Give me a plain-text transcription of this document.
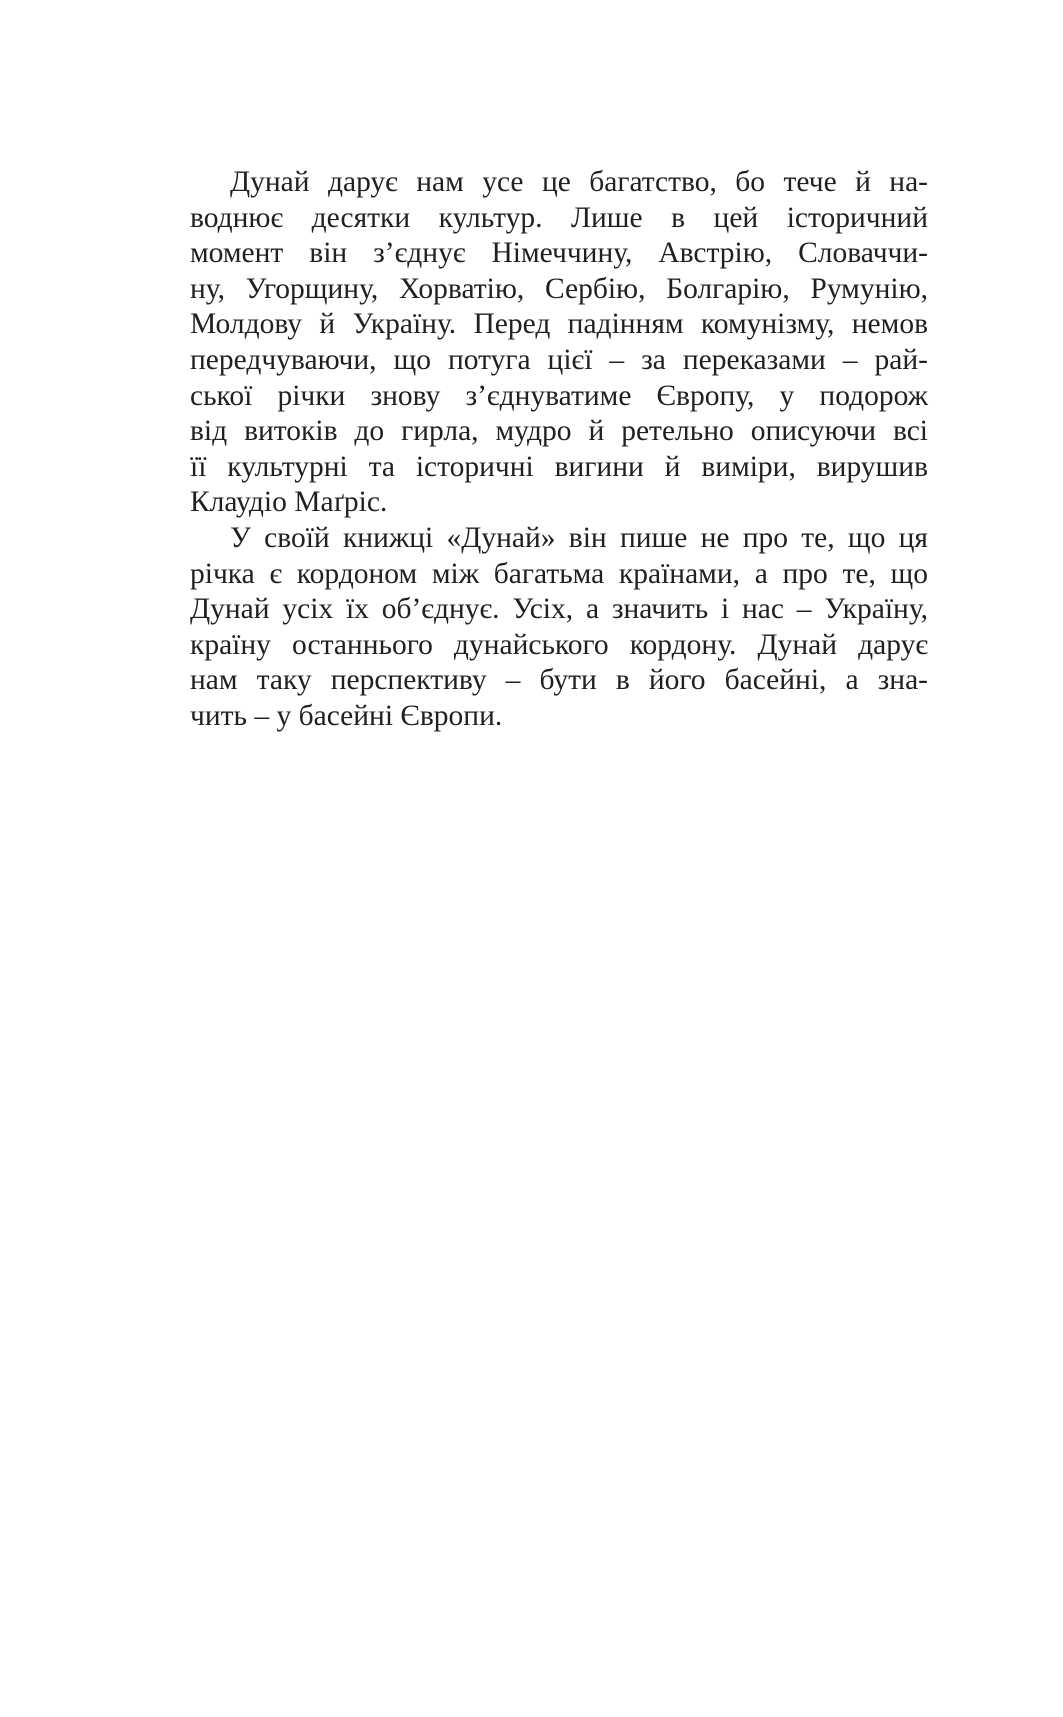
Дунай дарує нам усе це багатство, бо тече й на-
воднює десятки культур. Лише в цей історичний
момент він з’єднує Німеччину, Австрію, Словаччи-
ну, Угорщину, Хорватію, Сербію, Болгарію, Румунію,
Молдову й Україну. Перед падінням комунізму, немов
передчуваючи, що потуга цієї – за переказами – рай-
ської річки знову з’єднуватиме Європу, у подорож
від витоків до гирла, мудро й ретельно описуючи всі
її культурні та історичні вигини й виміри, вирушив
Клаудіо Маґріс.
У своїй книжці «Дунай» він пише не про те, що ця
річка є кордоном між багатьма країнами, а про те, що
Дунай усіх їх об’єднує. Усіх, а значить і нас – Україну,
країну останнього дунайського кордону. Дунай дарує
нам таку перспективу – бути в його басейні, а зна-
чить – у басейні Європи.
